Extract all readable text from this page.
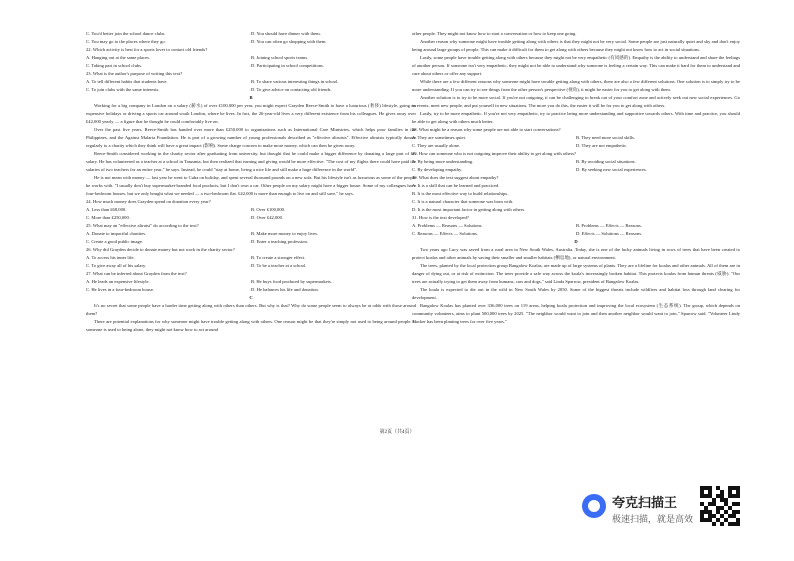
C. You'd better join the school dance clubs.	D. You should have dinner with them.
C. You may go to the places where they go.	D. You can often go shopping with them.
22. Which activity is best for a sports lover to contact old friends?
A. Hanging out at the same places.	B. Joining school sports teams.
C. Taking part in school clubs.	D. Participating in school competitions.
23. What is the author's purpose of writing this text?
A. To tell different habits that students have.	B. To share various interesting things in school.
C. To join clubs with the same interests.	D. To give advice on contacting old friends.
B

Working for a big company in London on a salary (薪水) of over £100,000 per year, you might expect Grayden Reece-Smith to have a luxurious (奢侈) lifestyle, going on expensive holidays or driving a sports car around south London, where he lives. In fact, the 26-year-old lives a very different existence from his colleagues. He gives away over £42,000 yearly — a figure that he thought he could comfortably live on.

Over the past five years, Reece-Smith has handed over more than £250,000 to organizations such as International Care Ministries, which helps poor families in the Philippines, and the Against Malaria Foundation. He is part of a growing number of young professionals described as "effective altruists". Effective altruists typically donate regularly to a charity which they think will have a great impact (影响). Some charge concern to make more money, which can then be given away.

Reece-Smith considered working in the charity sector after graduating from university, but thought that he could make a bigger difference by donating a large part of his salary. He has volunteered as a teacher at a school in Tanzania, but then realized that earning and giving would be more effective. "The cost of my flights there could have paid the salaries of two teachers for an entire year," he says. Instead, he could "stay at home, living a nice life and still make a huge difference in the world".

He is not mean with money — last year he went to Cuba on holiday, and spent several thousand pounds on a new sofa. But his lifestyle isn't as luxurious as some of the people he works with. "I usually don't buy supermarket-branded food products, but I don't own a car. Other people on my salary might have a bigger house. Some of my colleagues have four-bedroom houses, but we only bought what we needed — a two-bedroom flat. £42,000 is more than enough to live on and still save," he says.

24. How much money does Grayden spend on donation every year?
A. Less than £68,000.	B. Over £100,000.
C. More than £250,000.	D. Over £42,000.
25. What may an "effective altruist" do according to the text?
A. Donate to impactful charities.	B. Make more money to enjoy lives.
C. Create a good public image.	D. Enter a teaching profession.
26. Why did Grayden decide to donate money but not work in the charity sector?
A. To access his inner life.	B. To create a stronger effect.
C. To give away all of his salary.	D. To be a teacher at a school.
27. What can be inferred about Grayden from the text?
A. He leads an expensive lifestyle.	B. He buys food produced by supermarkets.
C. He lives in a four-bedroom house.	D. He balances his life and donation.
C

It's no secret that some people have a harder time getting along with others than others. But why is that? Why do some people seem to always be at odds with those around them?

There are potential explanations for why someone might have trouble getting along with others. One reason might be that they're simply not used to being around people. If someone is used to being alone, they might not know how to act around

other people. They might not know how to start a conversation or how to keep one going.

Another reason why someone might have trouble getting along with others is that they might not be very social. Some people are just naturally quiet and shy and don't enjoy being around large groups of people. This can make it difficult for them to get along with others because they might not know how to act in social situations.

Lastly, some people have trouble getting along with others because they might not be very empathetic (有同感的). Empathy is the ability to understand and share the feelings of another person. If someone isn't very empathetic, they might not be able to understand why someone is feeling a certain way. This can make it hard for them to understand and care about others or offer any support.

While there are a few different reasons why someone might have trouble getting along with others, there are also a few different solutions. One solution is to simply try to be more understanding. If you can try to see things from the other person's perspective (视角), it might be easier for you to get along with them.

Another solution is to try to be more social. If you're not outgoing, it can be challenging to break out of your comfort zone and actively seek out new social experiences. Go to events, meet new people, and put yourself in new situations. The more you do this, the easier it will be for you to get along with others.

Lastly, try to be more empathetic. If you're not very empathetic, try to practice being more understanding and supportive towards others. With time and practice, you should be able to get along with others much better.

28. What might be a reason why some people are not able to start conversations?
A. They are sometimes quiet.	B. They need more social skills.
C. They are usually alone.	D. They are not empathetic.
29. How can someone who is not outgoing improve their ability to get along with others?
A. By being more understanding.	B. By avoiding social situations.
C. By developing empathy.	D. By seeking new social experiences.
30. What does the text suggest about empathy?
A. It is a skill that can be learned and practiced.
B. It is the most effective way to build relationships.
C. It is a natural character that someone was born with.
D. It is the most important factor in getting along with others.
31. How is the text developed?
A. Problems — Reasons — Solutions.	B. Problems — Effects — Reasons.
C. Reasons — Effects — Solutions.	D. Effects — Solutions — Reasons.
D

Two years ago Lucy was saved from a rural area in New South Wales, Australia. Today, she is one of the lucky animals living in rows of trees that have been created to protect koalas and other animals by saving their smaller and smaller habitats (栖息地), or natural environment.

The trees, planted by the local protection group Bangalow Koalas, are made up of large systems of plants. They are a lifeline for koalas and other animals. All of them are in danger of dying out, or at risk of extinction. The trees provide a safe way across the koala's increasingly broken habitat. This protects koalas from human threats (威胁). "Our trees are actually trying to get them away from humans, cars and dogs," said Linda Sparrow, president of Bangalow Koalas.

The koala is expected to die out in the wild in New South Wales by 2050. Some of the biggest threats include wildfires and habitat loss through land clearing for development.

Bangalow Koalas has planted over 336,000 trees on 119 areas, helping koala protection and improving the local ecosystem (生态系统). The group, which depends on community volunteers, aims to plant 500,000 trees by 2025. "The neighbor would want to join and then another neighbor would want to join," Sparrow said. "Volunteer Lindy Stacker has been planting trees for over five years."

第2页（共4页）
夸克扫描王
极速扫描，就是高效
